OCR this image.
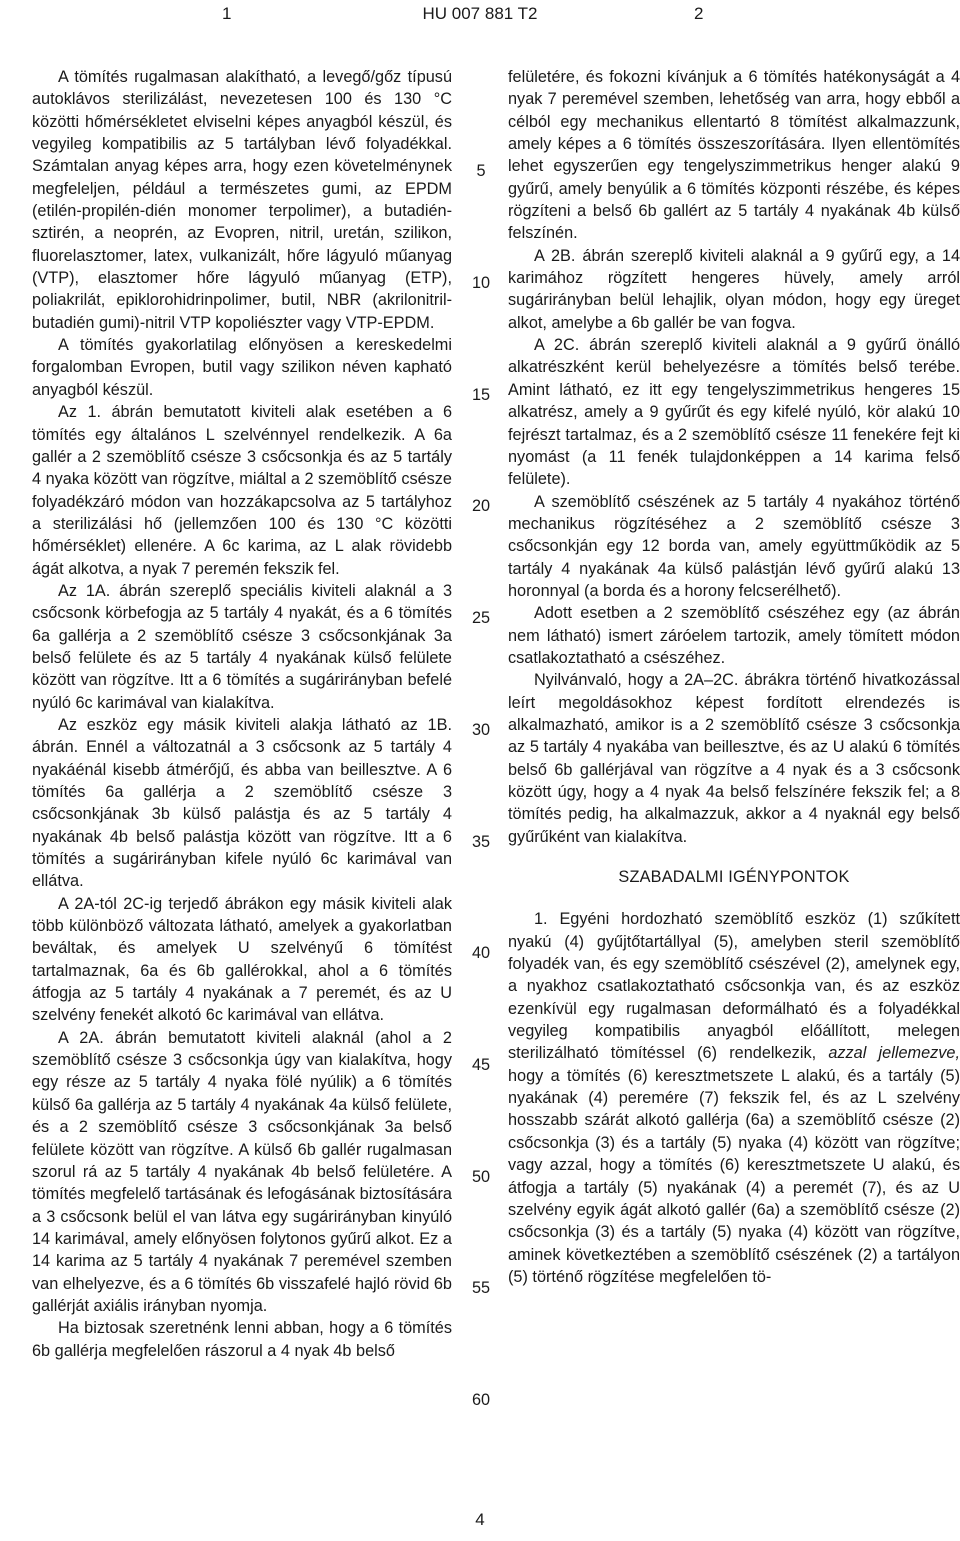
1	HU 007 881 T2	2

A tömítés rugalmasan alakítható, a levegő/gőz típusú autoklávos sterilizálást, nevezetesen 100 és 130 °C közötti hőmérsékletet elviselni képes anyagból készül, és vegyileg kompatibilis az 5 tartályban lévő folyadékkal. Számtalan anyag képes arra, hogy ezen követelménynek megfeleljen, például a természetes gumi, az EPDM (etilén-propilén-dién monomer terpolimer), a butadién-sztirén, a neoprén, az Evopren, nitril, uretán, szilikon, fluorelasztomer, latex, vulkanizált, hőre lágyuló műanyag (VTP), elasztomer hőre lágyuló műanyag (ETP), poliakrilát, epiklorohidrinpolimer, butil, NBR (akrilonitril-butadién gumi)-nitril VTP kopoliészter vagy VTP-EPDM.

A tömítés gyakorlatilag előnyösen a kereskedelmi forgalomban Evropen, butil vagy szilikon néven kapható anyagból készül.

Az 1. ábrán bemutatott kiviteli alak esetében a 6 tömítés egy általános L szelvénnyel rendelkezik. A 6a gallér a 2 szemöblítő csésze 3 csőcsonkja és az 5 tartály 4 nyaka között van rögzítve, miáltal a 2 szemöblítő csésze folyadékzáró módon van hozzákapcsolva az 5 tartályhoz a sterilizálási hő (jellemzően 100 és 130 °C közötti hőmérséklet) ellenére. A 6c karima, az L alak rövidebb ágát alkotva, a nyak 7 peremén fekszik fel.

Az 1A. ábrán szereplő speciális kiviteli alaknál a 3 csőcsonk körbefogja az 5 tartály 4 nyakát, és a 6 tömítés 6a gallérja a 2 szemöblítő csésze 3 csőcsonkjának 3a belső felülete és az 5 tartály 4 nyakának külső felülete között van rögzítve. Itt a 6 tömítés a sugárirányban befelé nyúló 6c karimával van kialakítva.

Az eszköz egy másik kiviteli alakja látható az 1B. ábrán. Ennél a változatnál a 3 csőcsonk az 5 tartály 4 nyakáénál kisebb átmérőjű, és abba van beillesztve. A 6 tömítés 6a gallérja a 2 szemöblítő csésze 3 csőcsonkjának 3b külső palástja és az 5 tartály 4 nyakának 4b belső palástja között van rögzítve. Itt a 6 tömítés a sugárirányban kifele nyúló 6c karimával van ellátva.

A 2A-tól 2C-ig terjedő ábrákon egy másik kiviteli alak több különböző változata látható, amelyek a gyakorlatban beváltak, és amelyek U szelvényű 6 tömítést tartalmaznak, 6a és 6b gallérokkal, ahol a 6 tömítés átfogja az 5 tartály 4 nyakának a 7 peremét, és az U szelvény fenekét alkotó 6c karimával van ellátva.

A 2A. ábrán bemutatott kiviteli alaknál (ahol a 2 szemöblítő csésze 3 csőcsonkja úgy van kialakítva, hogy egy része az 5 tartály 4 nyaka fölé nyúlik) a 6 tömítés külső 6a gallérja az 5 tartály 4 nyakának 4a külső felülete, és a 2 szemöblítő csésze 3 csőcsonkjának 3a belső felülete között van rögzítve. A külső 6b gallér rugalmasan szorul rá az 5 tartály 4 nyakának 4b belső felületére. A tömítés megfelelő tartásának és lefogásának biztosítására a 3 csőcsonk belül el van látva egy sugárirányban kinyúló 14 karimával, amely előnyösen folytonos gyűrű alkot. Ez a 14 karima az 5 tartály 4 nyakának 7 peremével szemben van elhelyezve, és a 6 tömítés 6b visszafelé hajló rövid 6b gallérját axiális irányban nyomja.

Ha biztosak szeretnénk lenni abban, hogy a 6 tömítés 6b gallérja megfelelően rászorul a 4 nyak 4b belső

5
10
15
20
25
30
35
40
45
50
55
60

felületére, és fokozni kívánjuk a 6 tömítés hatékonyságát a 4 nyak 7 peremével szemben, lehetőség van arra, hogy ebből a célból egy mechanikus ellentartó 8 tömítést alkalmazzunk, amely képes a 6 tömítés összeszorítására. Ilyen ellentömítés lehet egyszerűen egy tengelyszimmetrikus henger alakú 9 gyűrű, amely benyúlik a 6 tömítés központi részébe, és képes rögzíteni a belső 6b gallért az 5 tartály 4 nyakának 4b külső felszínén.

A 2B. ábrán szereplő kiviteli alaknál a 9 gyűrű egy, a 14 karimához rögzített hengeres hüvely, amely arról sugárirányban belül lehajlik, olyan módon, hogy egy üreget alkot, amelybe a 6b gallér be van fogva.

A 2C. ábrán szereplő kiviteli alaknál a 9 gyűrű önálló alkatrészként kerül behelyezésre a tömítés belső terébe. Amint látható, ez itt egy tengelyszimmetrikus hengeres 15 alkatrész, amely a 9 gyűrűt és egy kifelé nyúló, kör alakú 10 fejrészt tartalmaz, és a 2 szemöblítő csésze 11 fenekére fejt ki nyomást (a 11 fenék tulajdonképpen a 14 karima felső felülete).

A szemöblítő csészének az 5 tartály 4 nyakához történő mechanikus rögzítéséhez a 2 szemöblítő csésze 3 csőcsonkján egy 12 borda van, amely együttműködik az 5 tartály 4 nyakának 4a külső palástján lévő gyűrű alakú 13 horonnyal (a borda és a horony felcserélhető).

Adott esetben a 2 szemöblítő csészéhez egy (az ábrán nem látható) ismert záróelem tartozik, amely tömített módon csatlakoztatható a csészéhez.

Nyilvánvaló, hogy a 2A–2C. ábrákra történő hivatkozással leírt megoldásokhoz képest fordított elrendezés is alkalmazható, amikor is a 2 szemöblítő csésze 3 csőcsonkja az 5 tartály 4 nyakába van beillesztve, és az U alakú 6 tömítés belső 6b gallérjával van rögzítve a 4 nyak és a 3 csőcsonk között úgy, hogy a 4 nyak 4a belső felszínére fekszik fel; a 8 tömítés pedig, ha alkalmazzuk, akkor a 4 nyaknál egy belső gyűrűként van kialakítva.

SZABADALMI IGÉNYPONTOK

1. Egyéni hordozható szemöblítő eszköz (1) szűkített nyakú (4) gyűjtőtartállyal (5), amelyben steril szemöblítő folyadék van, és egy szemöblítő csészével (2), amelynek egy, a nyakhoz csatlakoztatható csőcsonkja van, és az eszköz ezenkívül egy rugalmasan deformálható és a folyadékkal vegyileg kompatibilis anyagból előállított, melegen sterilizálható tömítéssel (6) rendelkezik, azzal jellemezve, hogy a tömítés (6) keresztmetszete L alakú, és a tartály (5) nyakának (4) peremére (7) fekszik fel, és az L szelvény hosszabb szárát alkotó gallérja (6a) a szemöblítő csésze (2) csőcsonkja (3) és a tartály (5) nyaka (4) között van rögzítve; vagy azzal, hogy a tömítés (6) keresztmetszete U alakú, és átfogja a tartály (5) nyakának (4) a peremét (7), és az U szelvény egyik ágát alkotó gallér (6a) a szemöblítő csésze (2) csőcsonkja (3) és a tartály (5) nyaka (4) között van rögzítve, aminek következtében a szemöblítő csészének (2) a tartályon (5) történő rögzítése megfelelően tö-

4
